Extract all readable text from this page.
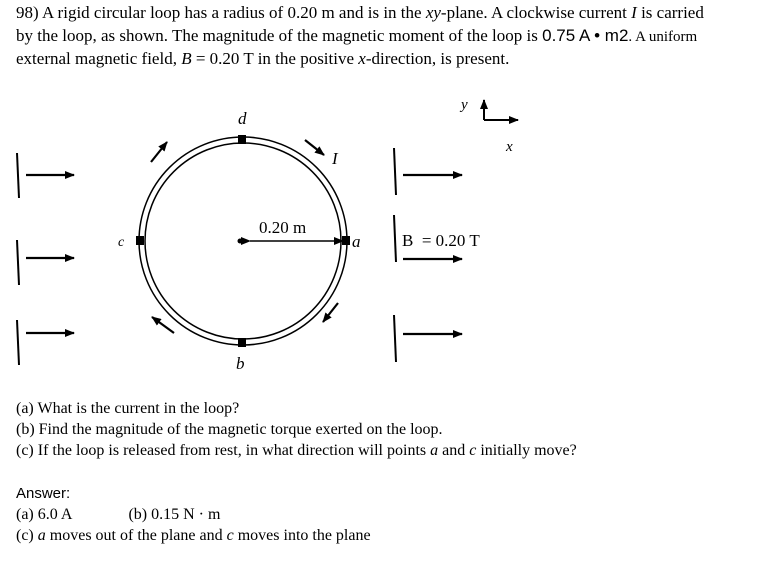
98) A rigid circular loop has a radius of 0.20 m and is in the xy-plane. A clockwise current I is carried
by the loop, as shown. The magnitude of the magnetic moment of the loop is 0.75 A • m2. A uniform
external magnetic field, B = 0.20 T in the positive x-direction, is present.
d
b
c	a
I
0.20 m
B  = 0.20 T
y
x
(a) What is the current in the loop?
(b) Find the magnitude of the magnetic torque exerted on the loop.
(c) If the loop is released from rest, in what direction will points a and c initially move?
Answer:
(a) 6.0 A	(b) 0.15 N · m
(c) a moves out of the plane and c moves into the plane
